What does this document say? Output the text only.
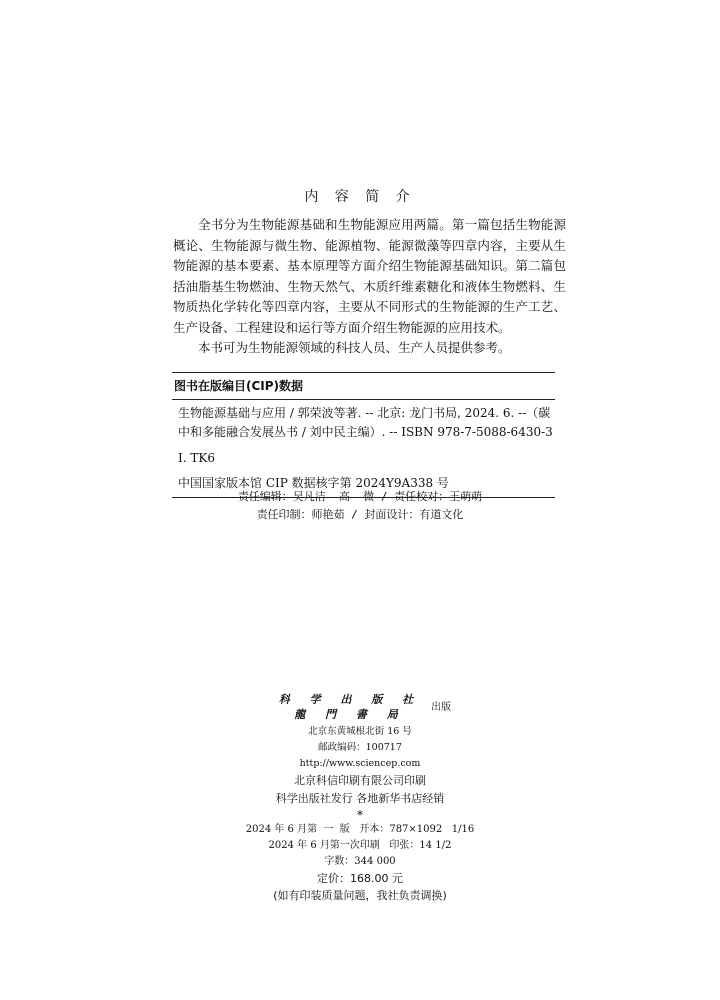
内 容 简 介

全书分为生物能源基础和生物能源应用两篇。第一篇包括生物能源概论、生物能源与微生物、能源植物、能源微藻等四章内容，主要从生物能源的基本要素、基本原理等方面介绍生物能源基础知识。第二篇包括油脂基生物燃油、生物天然气、木质纤维素糖化和液体生物燃料、生物质热化学转化等四章内容，主要从不同形式的生物能源的生产工艺、生产设备、工程建设和运行等方面介绍生物能源的应用技术。

本书可为生物能源领域的科技人员、生产人员提供参考。

图书在版编目(CIP)数据
生物能源基础与应用 / 郭荣波等著. -- 北京: 龙门书局, 2024. 6. --（碳
中和多能融合发展丛书 / 刘中民主编）. -- ISBN 978-7-5088-6430-3
Ⅰ. TK6
中国国家版本馆 CIP 数据核字第 2024Y9A338 号
责任编辑：吴凡洁  高  微 / 责任校对：王萌萌
责任印制：师艳茹 / 封面设计：有道文化
科 学 出 版 社
龍 門 書 局
出版
北京东黄城根北街 16 号
邮政编码：100717
http://www.sciencep.com
北京科信印刷有限公司印刷
科学出版社发行 各地新华书店经销
*
2024 年 6 月第  一  版   开本：787×1092   1/16
2024 年 6 月第一次印刷   印张：14 1/2
字数：344 000
定价：168.00 元
(如有印装质量问题，我社负责调换)
